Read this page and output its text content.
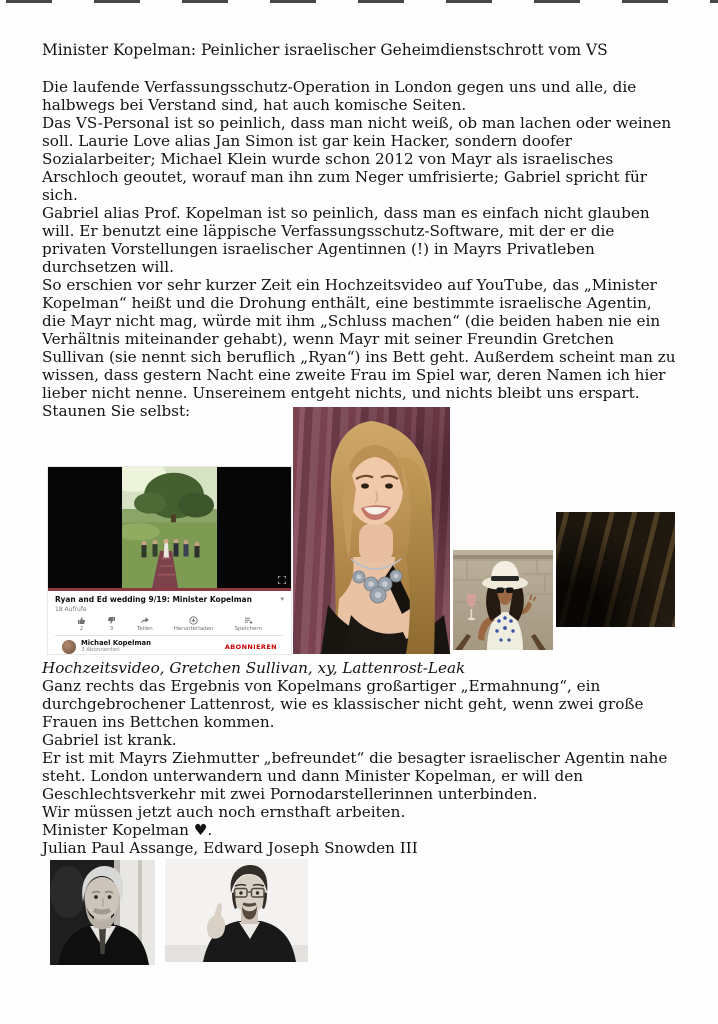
Minister Kopelman: Peinlicher israelischer Geheimdienstschrott vom VS

Die laufende Verfassungsschutz-Operation in London gegen uns und alle, die halbwegs bei Verstand sind, hat auch komische Seiten.

Das VS-Personal ist so peinlich, dass man nicht weiß, ob man lachen oder weinen soll. Laurie Love alias Jan Simon ist gar kein Hacker, sondern doofer Sozialarbeiter; Michael Klein wurde schon 2012 von Mayr als israelisches Arschloch geoutet, worauf man ihn zum Neger umfrisierte; Gabriel spricht für sich.

Gabriel alias Prof. Kopelman ist so peinlich, dass man es einfach nicht glauben will. Er benutzt eine läppische Verfassungsschutz-Software, mit der er die privaten Vorstellungen israelischer Agentinnen (!) in Mayrs Privatleben durchsetzen will.

So erschien vor sehr kurzer Zeit ein Hochzeitsvideo auf YouTube, das „Minister Kopelman“ heißt und die Drohung enthält, eine bestimmte israelische Agentin, die Mayr nicht mag, würde mit ihm „Schluss machen“ (die beiden haben nie ein Verhältnis miteinander gehabt), wenn Mayr mit seiner Freundin Gretchen Sullivan (sie nennt sich beruflich „Ryan“) ins Bett geht. Außerdem scheint man zu wissen, dass gestern Nacht eine zweite Frau im Spiel war, deren Namen ich hier lieber nicht nenne. Unsereinem entgeht nichts, und nichts bleibt uns erspart.

Staunen Sie selbst:

Ryan and Ed wedding 9/19: Minister Kopelman	▾
18 Aufrufe
2	3	Teilen	Herunterladen	Speichern
Michael Kopelman
3 Abonnenten	ABONNIEREN

Hochzeitsvideo, Gretchen Sullivan, xy, Lattenrost-Leak

Ganz rechts das Ergebnis von Kopelmans großartiger „Ermahnung“, ein durchgebrochener Lattenrost, wie es klassischer nicht geht, wenn zwei große Frauen ins Bettchen kommen.

Gabriel ist krank.

Er ist mit Mayrs Ziehmutter „befreundet“ die besagter israelischer Agentin nahe steht. London unterwandern und dann Minister Kopelman, er will den Geschlechtsverkehr mit zwei Pornodarstellerinnen unterbinden.

Wir müssen jetzt auch noch ernsthaft arbeiten.

Minister Kopelman ♥.

Julian Paul Assange, Edward Joseph Snowden III
